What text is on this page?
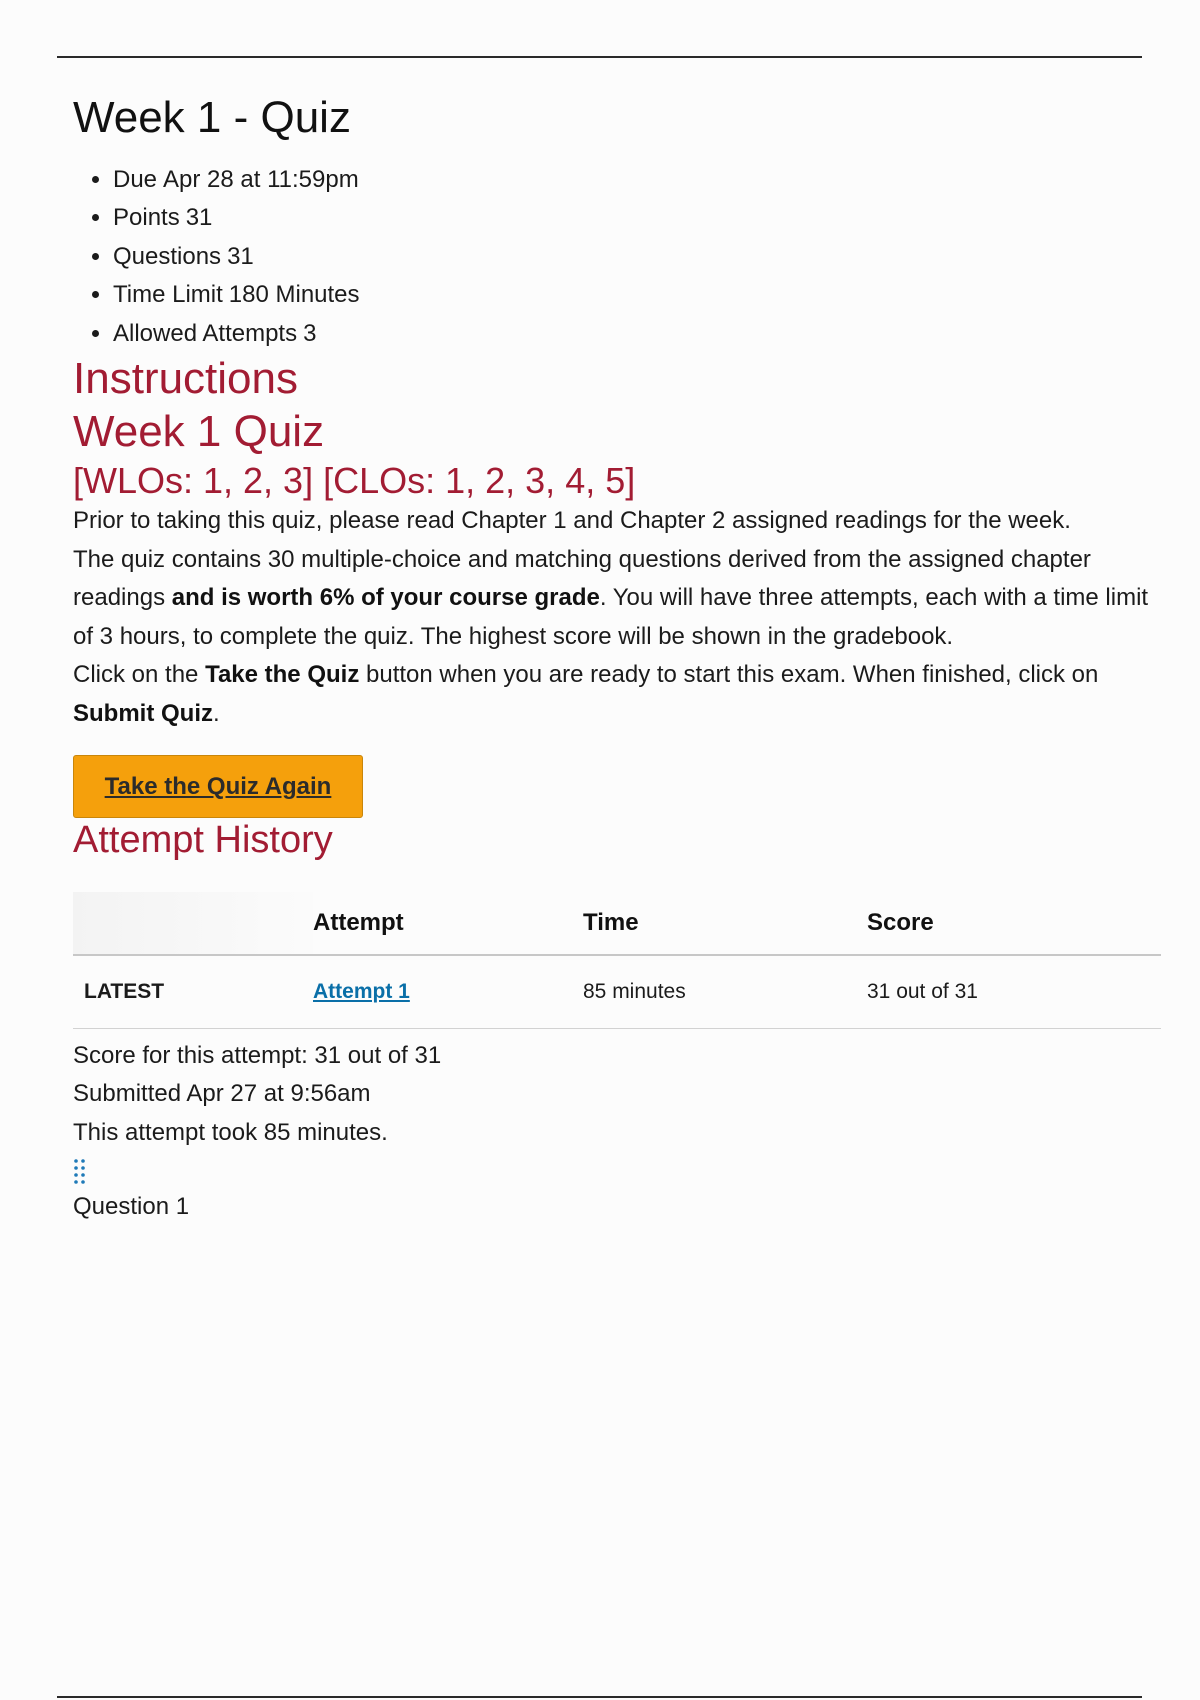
Week 1 - Quiz
• Due Apr 28 at 11:59pm
• Points 31
• Questions 31
• Time Limit 180 Minutes
• Allowed Attempts 3
Instructions
Week 1 Quiz
[WLOs: 1, 2, 3] [CLOs: 1, 2, 3, 4, 5]

Prior to taking this quiz, please read Chapter 1 and Chapter 2 assigned readings for the week.

The quiz contains 30 multiple-choice and matching questions derived from the assigned chapter readings and is worth 6% of your course grade. You will have three attempts, each with a time limit of 3 hours, to complete the quiz. The highest score will be shown in the gradebook.

Click on the Take the Quiz button when you are ready to start this exam. When finished, click on Submit Quiz.

Take the Quiz Again
Attempt History
	Attempt	Time	Score
LATEST	Attempt 1	85 minutes	31 out of 31

Score for this attempt: 31 out of 31

Submitted Apr 27 at 9:56am

This attempt took 85 minutes.

Question 1
